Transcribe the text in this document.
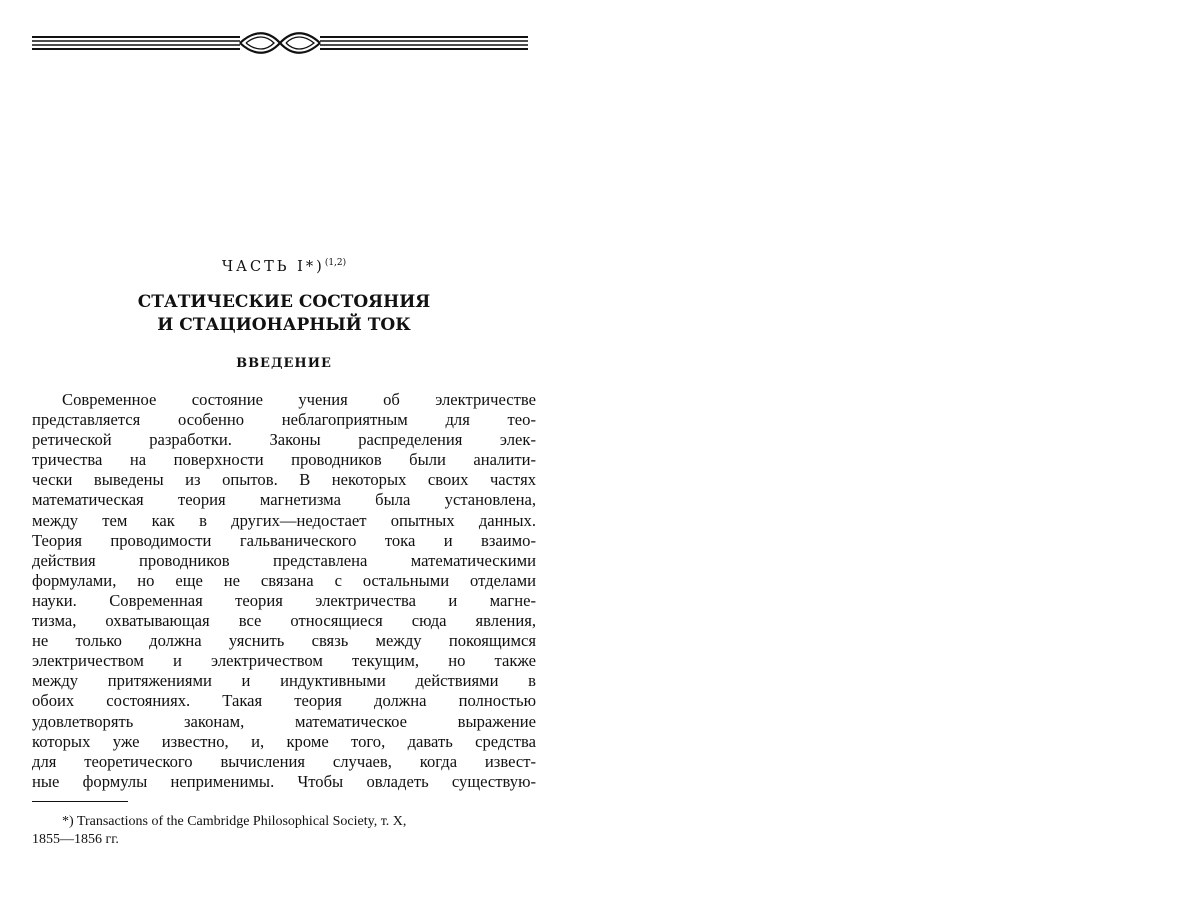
ЧАСТЬ I*)$^{(1,2)}$
СТАТИЧЕСКИЕ СОСТОЯНИЯ
И СТАЦИОНАРНЫЙ ТОК
ВВЕДЕНИЕ
Современное состояние учения об электричестве
представляется особенно неблагоприятным для тео-
ретической разработки. Законы распределения элек-
тричества на поверхности проводников были аналити-
чески выведены из опытов. В некоторых своих частях
математическая теория магнетизма была установлена,
между тем как в других—недостает опытных данных.
Теория проводимости гальванического тока и взаимо-
действия проводников представлена математическими
формулами, но еще не связана с остальными отделами
науки. Современная теория электричества и магне-
тизма, охватывающая все относящиеся сюда явления,
не только должна уяснить связь между покоящимся
электричеством и электричеством текущим, но также
между притяжениями и индуктивными действиями в
обоих состояниях. Такая теория должна полностью
удовлетворять законам, математическое выражение
которых уже известно, и, кроме того, давать средства
для теоретического вычисления случаев, когда извест-
ные формулы неприменимы. Чтобы овладеть существую-
*) Transactions of the Cambridge Philosophical Society, т. X,
1855—1856 гг.
